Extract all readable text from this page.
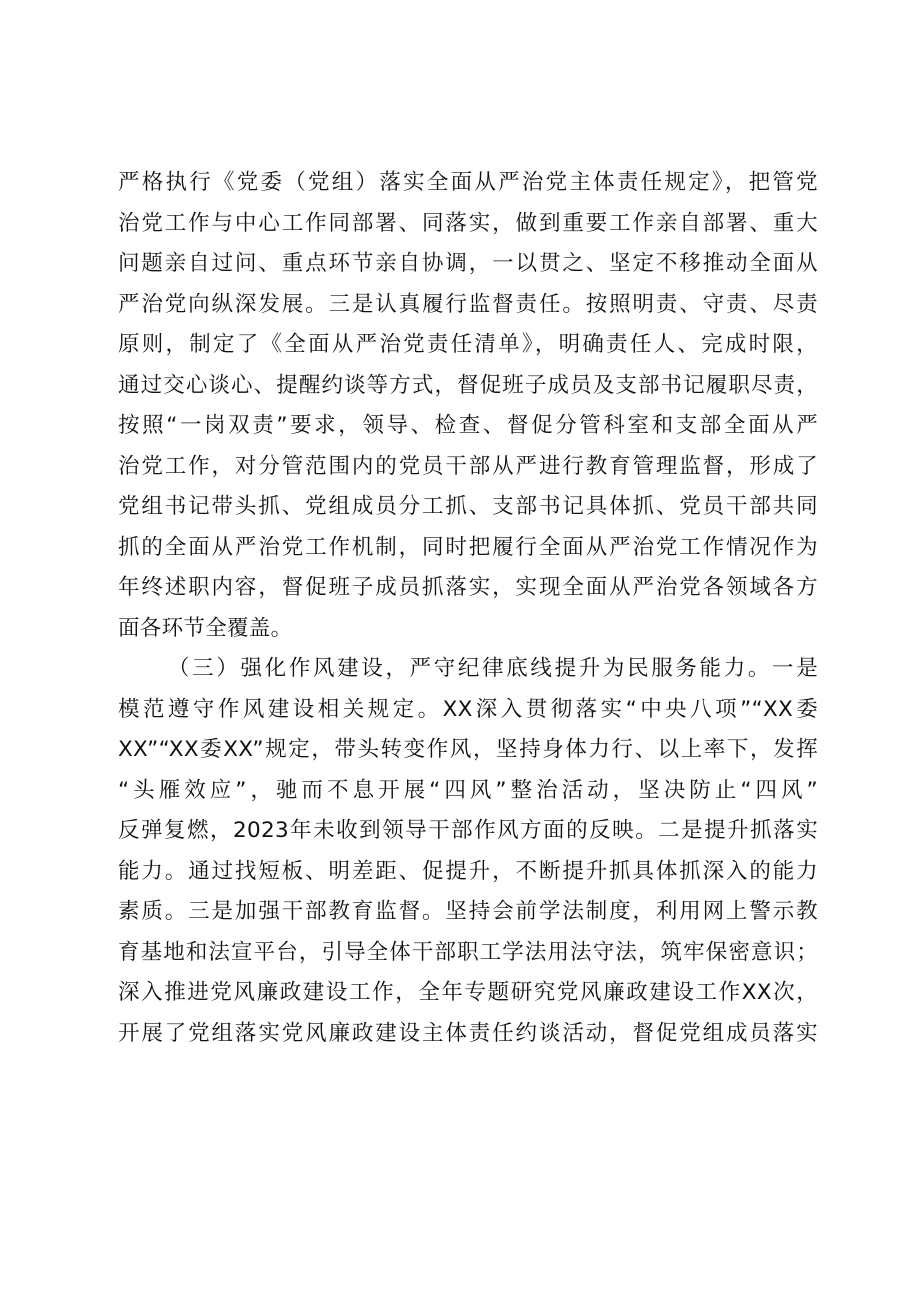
严格执行《党委（党组）落实全面从严治党主体责任规定》，把管党
治党工作与中心工作同部署、同落实，做到重要工作亲自部署、重大
问题亲自过问、重点环节亲自协调，一以贯之、坚定不移推动全面从
严治党向纵深发展。三是认真履行监督责任。按照明责、守责、尽责
原则，制定了《全面从严治党责任清单》，明确责任人、完成时限，
通过交心谈心、提醒约谈等方式，督促班子成员及支部书记履职尽责，
按照“一岗双责”要求，领导、检查、督促分管科室和支部全面从严
治党工作，对分管范围内的党员干部从严进行教育管理监督，形成了
党组书记带头抓、党组成员分工抓、支部书记具体抓、党员干部共同
抓的全面从严治党工作机制，同时把履行全面从严治党工作情况作为
年终述职内容，督促班子成员抓落实，实现全面从严治党各领域各方
面各环节全覆盖。
（三）强化作风建设，严守纪律底线提升为民服务能力。一是
模范遵守作风建设相关规定。XX深入贯彻落实“中央八项”“XX委
XX”“XX委XX”规定，带头转变作风，坚持身体力行、以上率下，发挥
“头雁效应”，驰而不息开展“四风”整治活动，坚决防止“四风”
反弹复燃，2023年未收到领导干部作风方面的反映。二是提升抓落实
能力。通过找短板、明差距、促提升，不断提升抓具体抓深入的能力
素质。三是加强干部教育监督。坚持会前学法制度，利用网上警示教
育基地和法宣平台，引导全体干部职工学法用法守法，筑牢保密意识；
深入推进党风廉政建设工作，全年专题研究党风廉政建设工作XX次，
开展了党组落实党风廉政建设主体责任约谈活动，督促党组成员落实
